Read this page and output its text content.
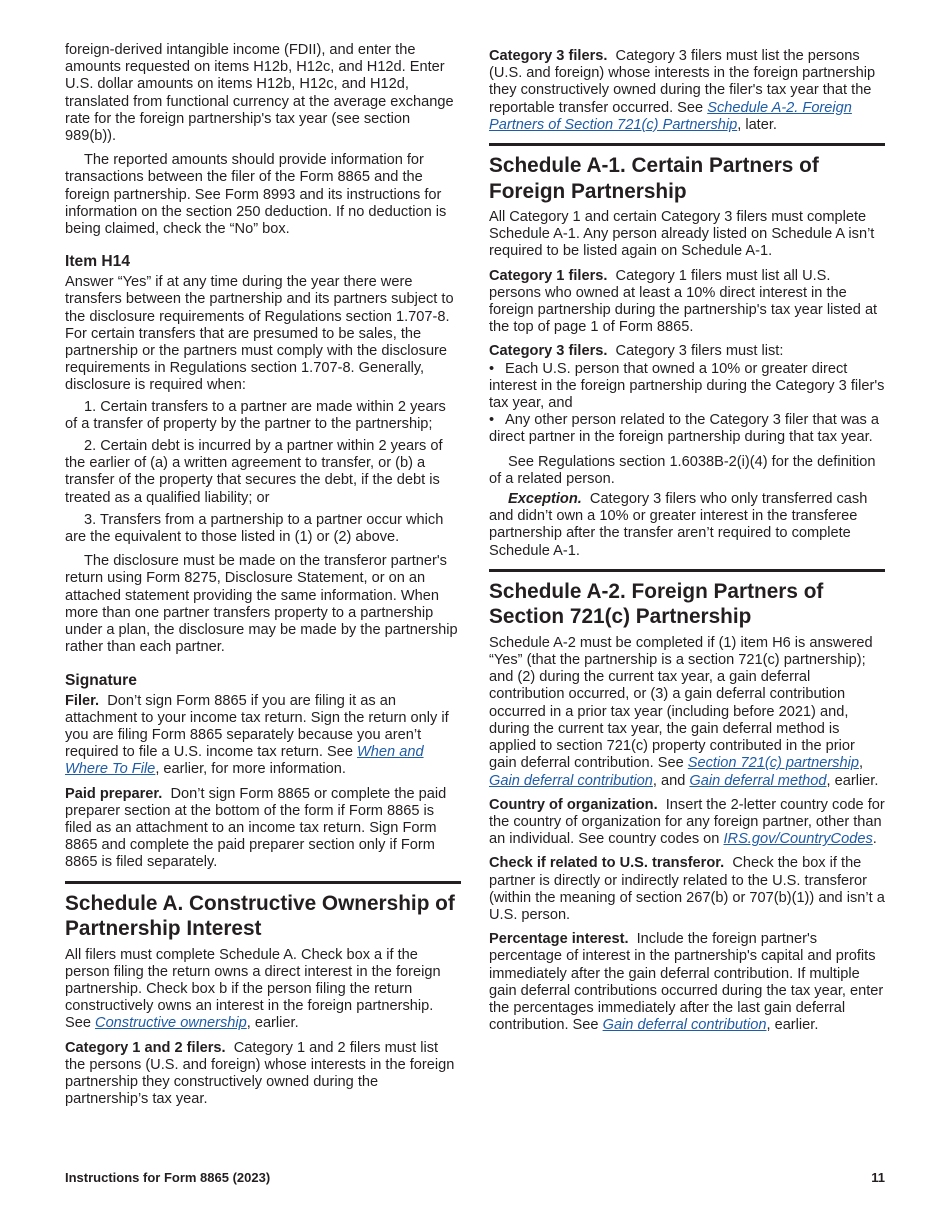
foreign-derived intangible income (FDII), and enter the amounts requested on items H12b, H12c, and H12d. Enter U.S. dollar amounts on items H12b, H12c, and H12d, translated from functional currency at the average exchange rate for the foreign partnership's tax year (see section 989(b)).

The reported amounts should provide information for transactions between the filer of the Form 8865 and the foreign partnership. See Form 8993 and its instructions for information on the section 250 deduction. If no deduction is being claimed, check the “No” box.

Item H14

Answer “Yes” if at any time during the year there were transfers between the partnership and its partners subject to the disclosure requirements of Regulations section 1.707-8. For certain transfers that are presumed to be sales, the partnership or the partners must comply with the disclosure requirements in Regulations section 1.707-8. Generally, disclosure is required when:

1. Certain transfers to a partner are made within 2 years of a transfer of property by the partner to the partnership;

2. Certain debt is incurred by a partner within 2 years of the earlier of (a) a written agreement to transfer, or (b) a transfer of the property that secures the debt, if the debt is treated as a qualified liability; or

3. Transfers from a partnership to a partner occur which are the equivalent to those listed in (1) or (2) above.

The disclosure must be made on the transferor partner's return using Form 8275, Disclosure Statement, or on an attached statement providing the same information. When more than one partner transfers property to a partnership under a plan, the disclosure may be made by the partnership rather than each partner.

Signature

Filer. Don’t sign Form 8865 if you are filing it as an attachment to your income tax return. Sign the return only if you are filing Form 8865 separately because you aren’t required to file a U.S. income tax return. See When and Where To File, earlier, for more information.

Paid preparer. Don’t sign Form 8865 or complete the paid preparer section at the bottom of the form if Form 8865 is filed as an attachment to an income tax return. Sign Form 8865 and complete the paid preparer section only if Form 8865 is filed separately.

Schedule A. Constructive Ownership of Partnership Interest

All filers must complete Schedule A. Check box a if the person filing the return owns a direct interest in the foreign partnership. Check box b if the person filing the return constructively owns an interest in the foreign partnership. See Constructive ownership, earlier.

Category 1 and 2 filers. Category 1 and 2 filers must list the persons (U.S. and foreign) whose interests in the foreign partnership they constructively owned during the partnership’s tax year.

Category 3 filers. Category 3 filers must list the persons (U.S. and foreign) whose interests in the foreign partnership they constructively owned during the filer's tax year that the reportable transfer occurred. See Schedule A-2. Foreign Partners of Section 721(c) Partnership, later.

Schedule A-1. Certain Partners of Foreign Partnership

All Category 1 and certain Category 3 filers must complete Schedule A-1. Any person already listed on Schedule A isn’t required to be listed again on Schedule A-1.

Category 1 filers. Category 1 filers must list all U.S. persons who owned at least a 10% direct interest in the foreign partnership during the partnership's tax year listed at the top of page 1 of Form 8865.

Category 3 filers. Category 3 filers must list:

• Each U.S. person that owned a 10% or greater direct interest in the foreign partnership during the Category 3 filer's tax year, and

• Any other person related to the Category 3 filer that was a direct partner in the foreign partnership during that tax year.

See Regulations section 1.6038B-2(i)(4) for the definition of a related person.

Exception. Category 3 filers who only transferred cash and didn’t own a 10% or greater interest in the transferee partnership after the transfer aren’t required to complete Schedule A-1.

Schedule A-2. Foreign Partners of Section 721(c) Partnership

Schedule A-2 must be completed if (1) item H6 is answered “Yes” (that the partnership is a section 721(c) partnership); and (2) during the current tax year, a gain deferral contribution occurred, or (3) a gain deferral contribution occurred in a prior tax year (including before 2021) and, during the current tax year, the gain deferral method is applied to section 721(c) property contributed in the prior gain deferral contribution. See Section 721(c) partnership, Gain deferral contribution, and Gain deferral method, earlier.

Country of organization. Insert the 2-letter country code for the country of organization for any foreign partner, other than an individual. See country codes on IRS.gov/CountryCodes.

Check if related to U.S. transferor. Check the box if the partner is directly or indirectly related to the U.S. transferor (within the meaning of section 267(b) or 707(b)(1)) and isn’t a U.S. person.

Percentage interest. Include the foreign partner's percentage of interest in the partnership's capital and profits immediately after the gain deferral contribution. If multiple gain deferral contributions occurred during the tax year, enter the percentages immediately after the last gain deferral contribution. See Gain deferral contribution, earlier.

Instructions for Form 8865 (2023)	11
